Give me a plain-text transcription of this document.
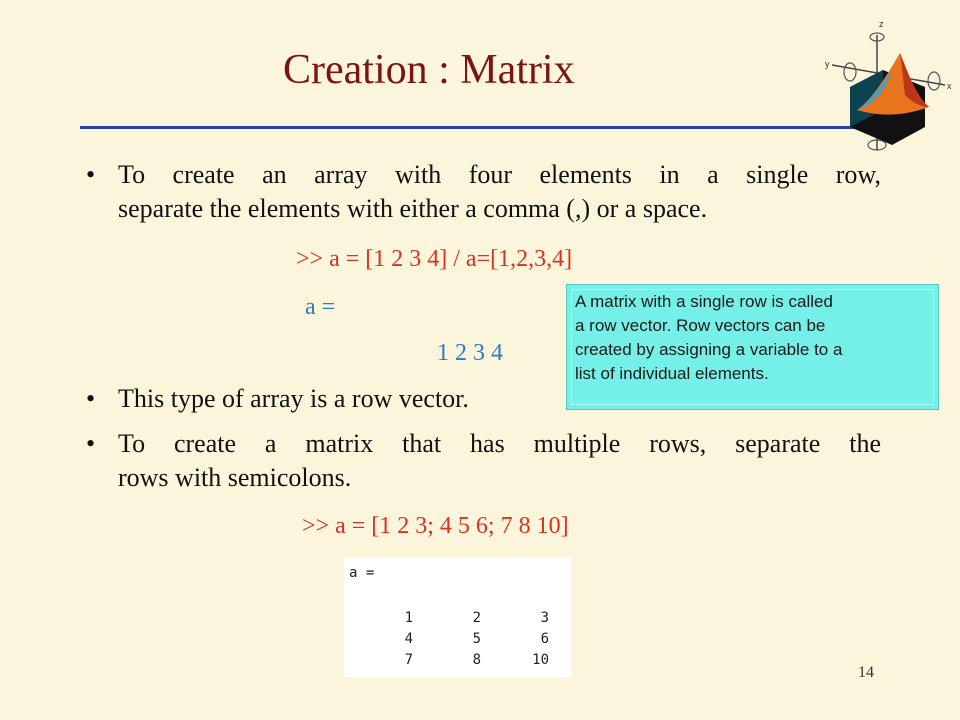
Creation : Matrix
z
y
x
• To create an array with four elements in a single row,
separate the elements with either a comma (,) or a space.
>> a = [1 2 3 4] / a=[1,2,3,4]
a =
1 2 3 4
A matrix with a single row is called
a row vector. Row vectors can be
created by assigning a variable to a
list of individual elements.
• This type of array is a row vector.
• To create a matrix that has multiple rows, separate the
rows with semicolons.
>> a = [1 2 3; 4 5 6; 7 8 10]
a =
1	2	3
4	5	6
7	8	10
14
